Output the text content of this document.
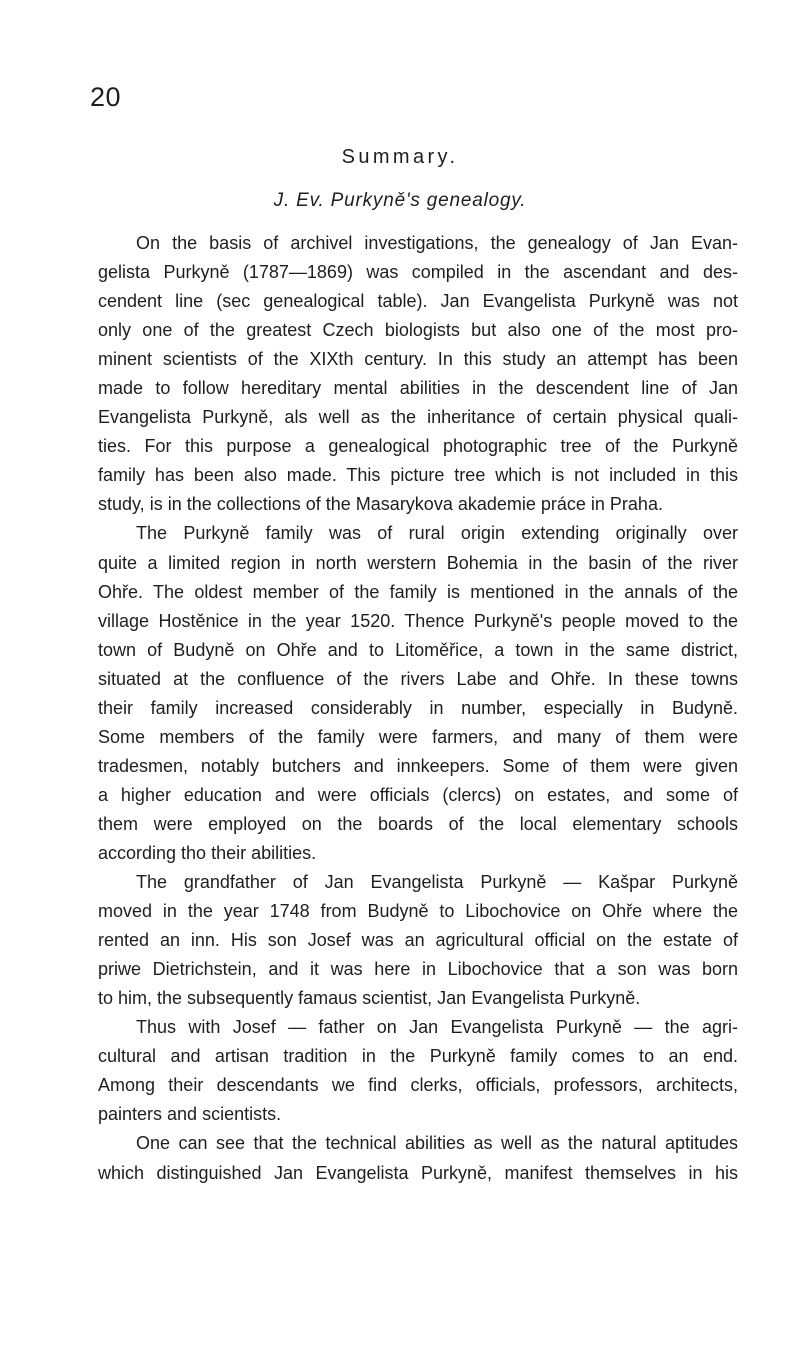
20
Summary.
J. Ev. Purkyně's genealogy.
On the basis of archivel investigations, the genealogy of Jan Evan-
gelista Purkyně (1787—1869) was compiled in the ascendant and des-
cendent line (sec genealogical table). Jan Evangelista Purkyně was not
only one of the greatest Czech biologists but also one of the most pro-
minent scientists of the XIXth century. In this study an attempt has been
made to follow hereditary mental abilities in the descendent line of Jan
Evangelista Purkyně, als well as the inheritance of certain physical quali-
ties. For this purpose a genealogical photographic tree of the Purkyně
family has been also made. This picture tree which is not included in this
study, is in the collections of the Masarykova akademie práce in Praha.
The Purkyně family was of rural origin extending originally over
quite a limited region in north werstern Bohemia in the basin of the river
Ohře. The oldest member of the family is mentioned in the annals of the
village Hostěnice in the year 1520. Thence Purkyně's people moved to the
town of Budyně on Ohře and to Litoměřice, a town in the same district,
situated at the confluence of the rivers Labe and Ohře. In these towns
their family increased considerably in number, especially in Budyně.
Some members of the family were farmers, and many of them were
tradesmen, notably butchers and innkeepers. Some of them were given
a higher education and were officials (clercs) on estates, and some of
them were employed on the boards of the local elementary schools
according tho their abilities.
The grandfather of Jan Evangelista Purkyně — Kašpar Purkyně
moved in the year 1748 from Budyně to Libochovice on Ohře where the
rented an inn. His son Josef was an agricultural official on the estate of
priwe Dietrichstein, and it was here in Libochovice that a son was born
to him, the subsequently famaus scientist, Jan Evangelista Purkyně.
Thus with Josef — father on Jan Evangelista Purkyně — the agri-
cultural and artisan tradition in the Purkyně family comes to an end.
Among their descendants we find clerks, officials, professors, architects,
painters and scientists.
One can see that the technical abilities as well as the natural aptitudes
which distinguished Jan Evangelista Purkyně, manifest themselves in his
